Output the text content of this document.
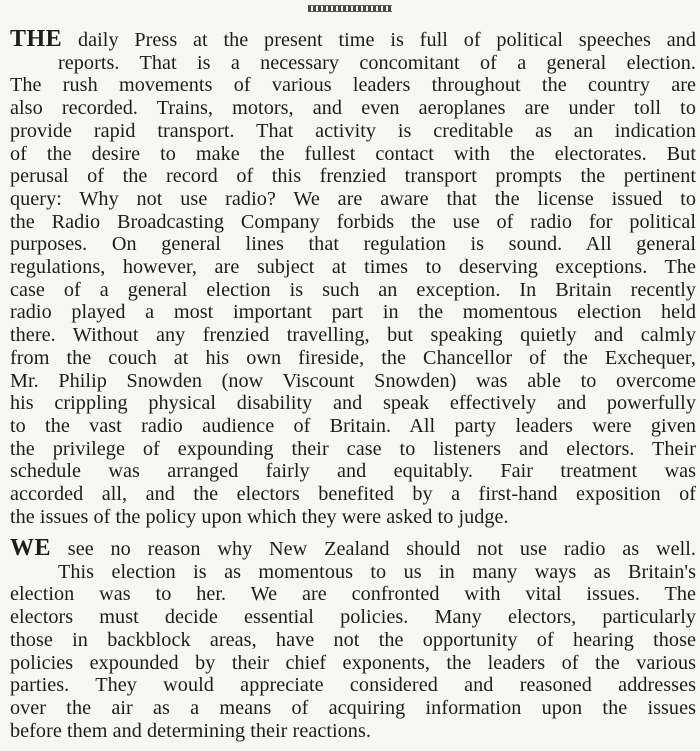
THE daily Press at the present time is full of political speeches and
reports. That is a necessary concomitant of a general election.
The rush movements of various leaders throughout the country are
also recorded. Trains, motors, and even aeroplanes are under toll to
provide rapid transport. That activity is creditable as an indication
of the desire to make the fullest contact with the electorates. But
perusal of the record of this frenzied transport prompts the pertinent
query: Why not use radio? We are aware that the license issued to
the Radio Broadcasting Company forbids the use of radio for political
purposes. On general lines that regulation is sound. All general
regulations, however, are subject at times to deserving exceptions. The
case of a general election is such an exception. In Britain recently
radio played a most important part in the momentous election held
there. Without any frenzied travelling, but speaking quietly and calmly
from the couch at his own fireside, the Chancellor of the Exchequer,
Mr. Philip Snowden (now Viscount Snowden) was able to overcome
his crippling physical disability and speak effectively and powerfully
to the vast radio audience of Britain. All party leaders were given
the privilege of expounding their case to listeners and electors. Their
schedule was arranged fairly and equitably. Fair treatment was
accorded all, and the electors benefited by a first-hand exposition of
the issues of the policy upon which they were asked to judge.

WE see no reason why New Zealand should not use radio as well.
This election is as momentous to us in many ways as Britain's
election was to her. We are confronted with vital issues. The
electors must decide essential policies. Many electors, particularly
those in backblock areas, have not the opportunity of hearing those
policies expounded by their chief exponents, the leaders of the various
parties. They would appreciate considered and reasoned addresses
over the air as a means of acquiring information upon the issues
before them and determining their reactions.
